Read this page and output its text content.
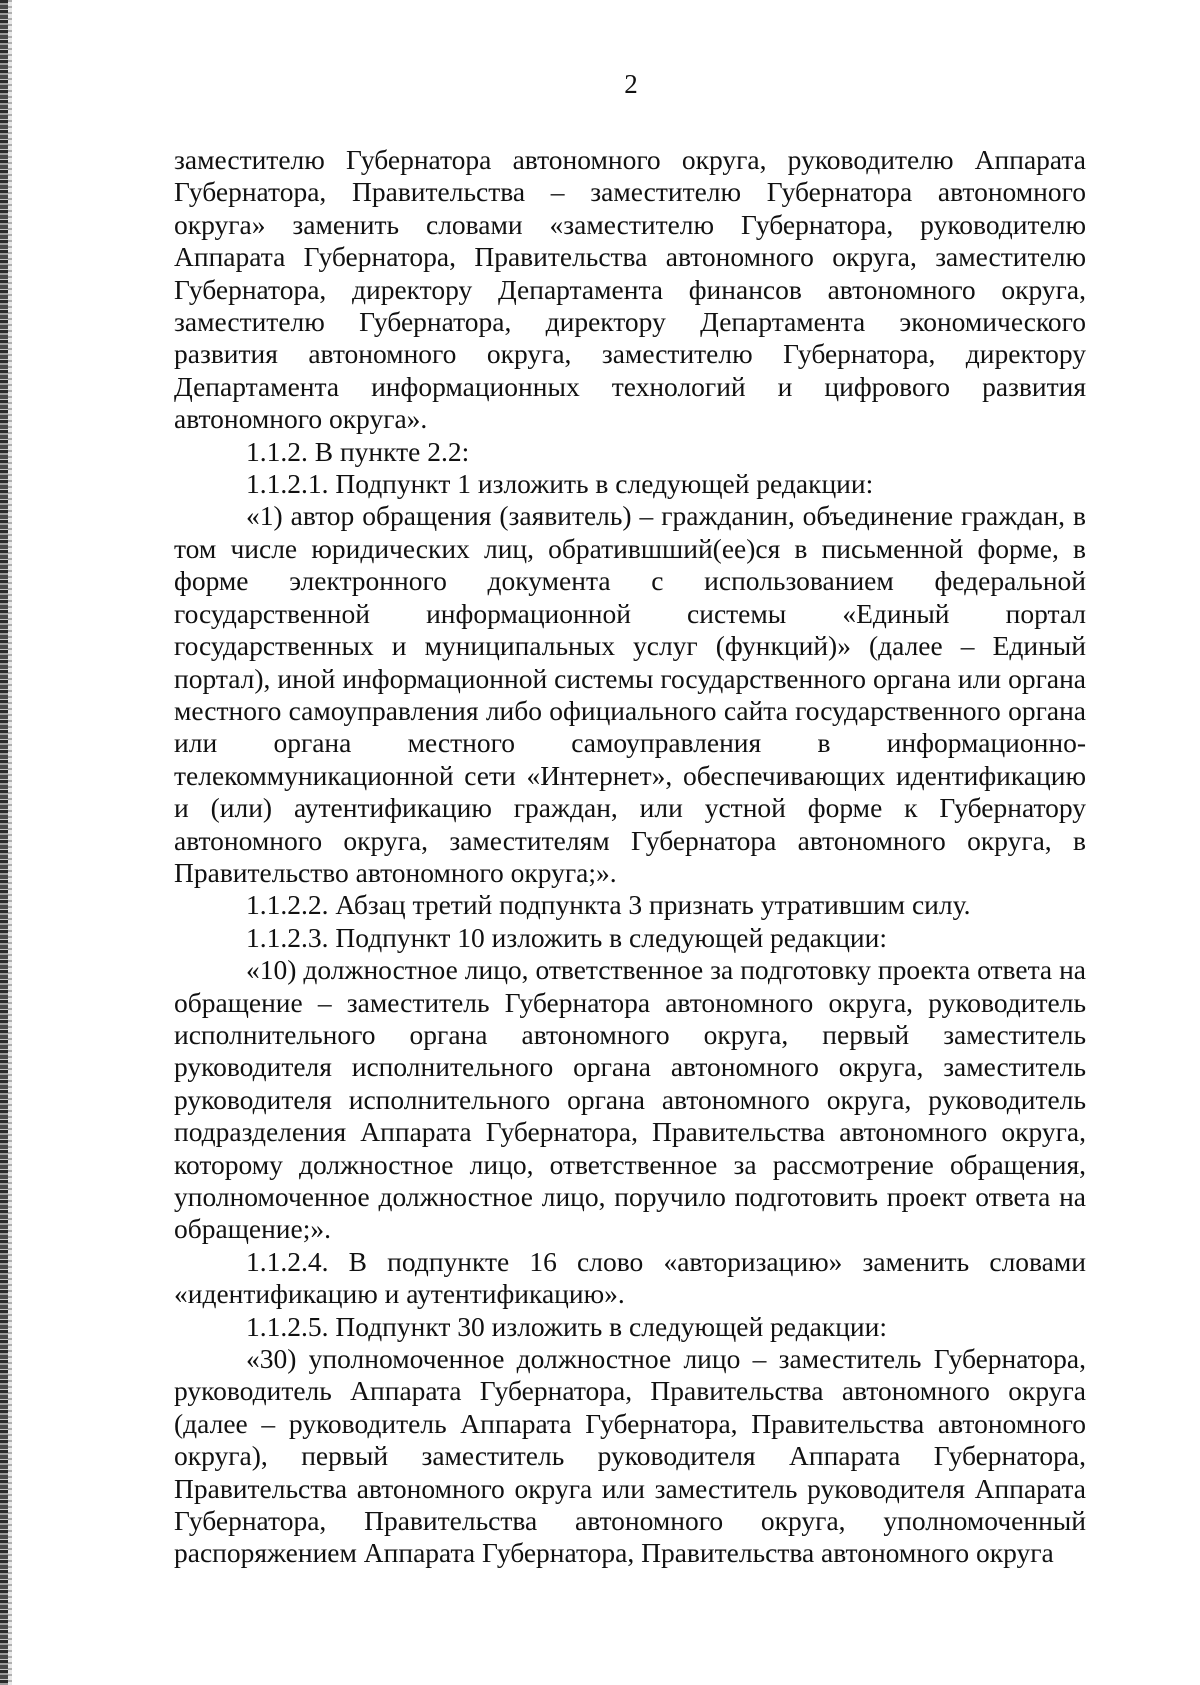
2

заместителю Губернатора автономного округа, руководителю Аппарата Губернатора, Правительства – заместителю Губернатора автономного округа» заменить словами «заместителю Губернатора, руководителю Аппарата Губернатора, Правительства автономного округа, заместителю Губернатора, директору Департамента финансов автономного округа, заместителю Губернатора, директору Департамента экономического развития автономного округа, заместителю Губернатора, директору Департамента информационных технологий и цифрового развития автономного округа».

1.1.2. В пункте 2.2:

1.1.2.1. Подпункт 1 изложить в следующей редакции:

«1) автор обращения (заявитель) – гражданин, объединение граждан, в том числе юридических лиц, обратившший(ее)ся в письменной форме, в форме электронного документа с использованием федеральной государственной информационной системы «Единый портал государственных и муниципальных услуг (функций)» (далее – Единый портал), иной информационной системы государственного органа или органа местного самоуправления либо официального сайта государственного органа или органа местного самоуправления в информационно-телекоммуникационной сети «Интернет», обеспечивающих идентификацию и (или) аутентификацию граждан, или устной форме к Губернатору автономного округа, заместителям Губернатора автономного округа, в Правительство автономного округа;».

1.1.2.2. Абзац третий подпункта 3 признать утратившим силу.

1.1.2.3. Подпункт 10 изложить в следующей редакции:

«10) должностное лицо, ответственное за подготовку проекта ответа на обращение – заместитель Губернатора автономного округа, руководитель исполнительного органа автономного округа, первый заместитель руководителя исполнительного органа автономного округа, заместитель руководителя исполнительного органа автономного округа, руководитель подразделения Аппарата Губернатора, Правительства автономного округа, которому должностное лицо, ответственное за рассмотрение обращения, уполномоченное должностное лицо, поручило подготовить проект ответа на обращение;».

1.1.2.4. В подпункте 16 слово «авторизацию» заменить словами «идентификацию и аутентификацию».

1.1.2.5. Подпункт 30 изложить в следующей редакции:

«30) уполномоченное должностное лицо – заместитель Губернатора, руководитель Аппарата Губернатора, Правительства автономного округа (далее – руководитель Аппарата Губернатора, Правительства автономного округа), первый заместитель руководителя Аппарата Губернатора, Правительства автономного округа или заместитель руководителя Аппарата Губернатора, Правительства автономного округа, уполномоченный распоряжением Аппарата Губернатора, Правительства автономного округа
